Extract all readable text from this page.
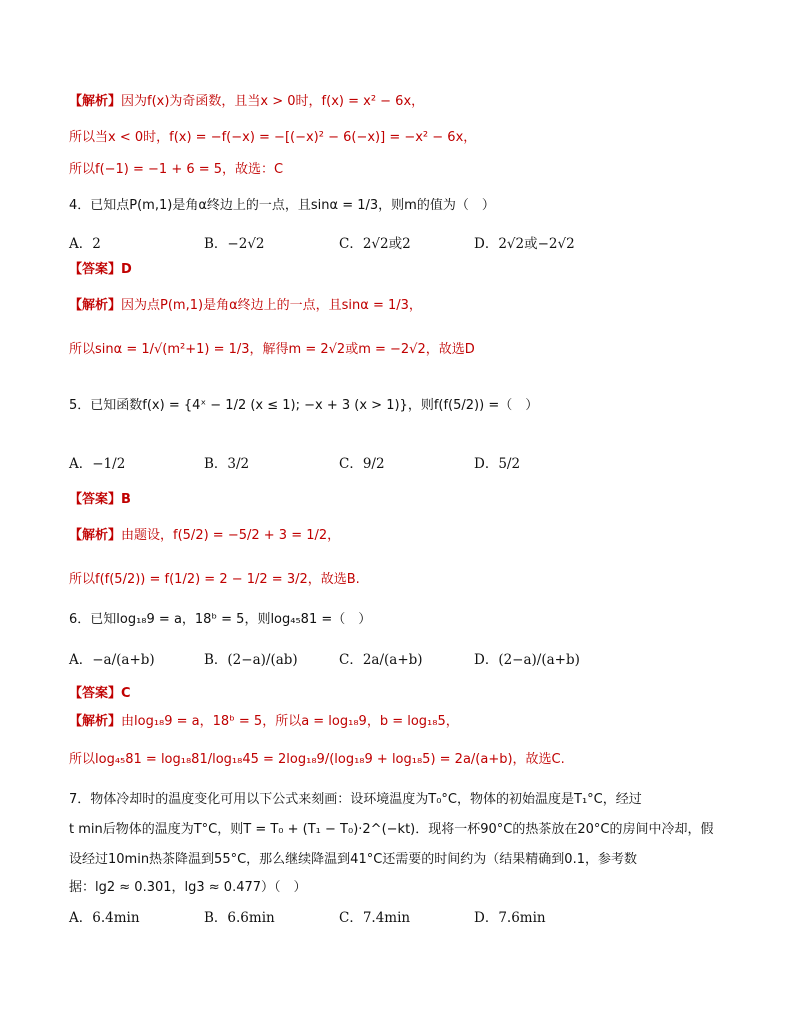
【解析】因为f(x)为奇函数，且当x > 0时，f(x) = x² − 6x，
所以当x < 0时，f(x) = −f(−x) = −[(−x)² − 6(−x)] = −x² − 6x，
所以f(−1) = −1 + 6 = 5，故选：C
4．已知点P(m,1)是角α终边上的一点，且sinα = 1/3，则m的值为（　）
A．2	B．−2√2	C．2√2或2	D．2√2或−2√2
【答案】D
【解析】因为点P(m,1)是角α终边上的一点，且sinα = 1/3，
所以sinα = 1/√(m²+1) = 1/3，解得m = 2√2或m = −2√2，故选D
5．已知函数f(x) = {4ˣ − 1/2 (x ≤ 1); −x + 3 (x > 1)}，则f(f(5/2)) =（　）
A．−1/2	B．3/2	C．9/2	D．5/2
【答案】B
【解析】由题设，f(5/2) = −5/2 + 3 = 1/2，
所以f(f(5/2)) = f(1/2) = 2 − 1/2 = 3/2，故选B.
6．已知log₁₈9 = a，18ᵇ = 5，则log₄₅81 =（　）
A．−a/(a+b)	B．(2−a)/(ab)	C．2a/(a+b)	D．(2−a)/(a+b)
【答案】C
【解析】由log₁₈9 = a，18ᵇ = 5，所以a = log₁₈9，b = log₁₈5，
所以log₄₅81 = log₁₈81/log₁₈45 = 2log₁₈9/(log₁₈9 + log₁₈5) = 2a/(a+b)，故选C.
7．物体冷却时的温度变化可用以下公式来刻画：设环境温度为T₀°C，物体的初始温度是T₁°C，经过
t min后物体的温度为T°C，则T = T₀ + (T₁ − T₀)·2^(−kt)．现将一杯90°C的热茶放在20°C的房间中冷却，假
设经过10min热茶降温到55°C，那么继续降温到41°C还需要的时间约为（结果精确到0.1，参考数
据：lg2 ≈ 0.301，lg3 ≈ 0.477）（　）
A．6.4min	B．6.6min	C．7.4min	D．7.6min
